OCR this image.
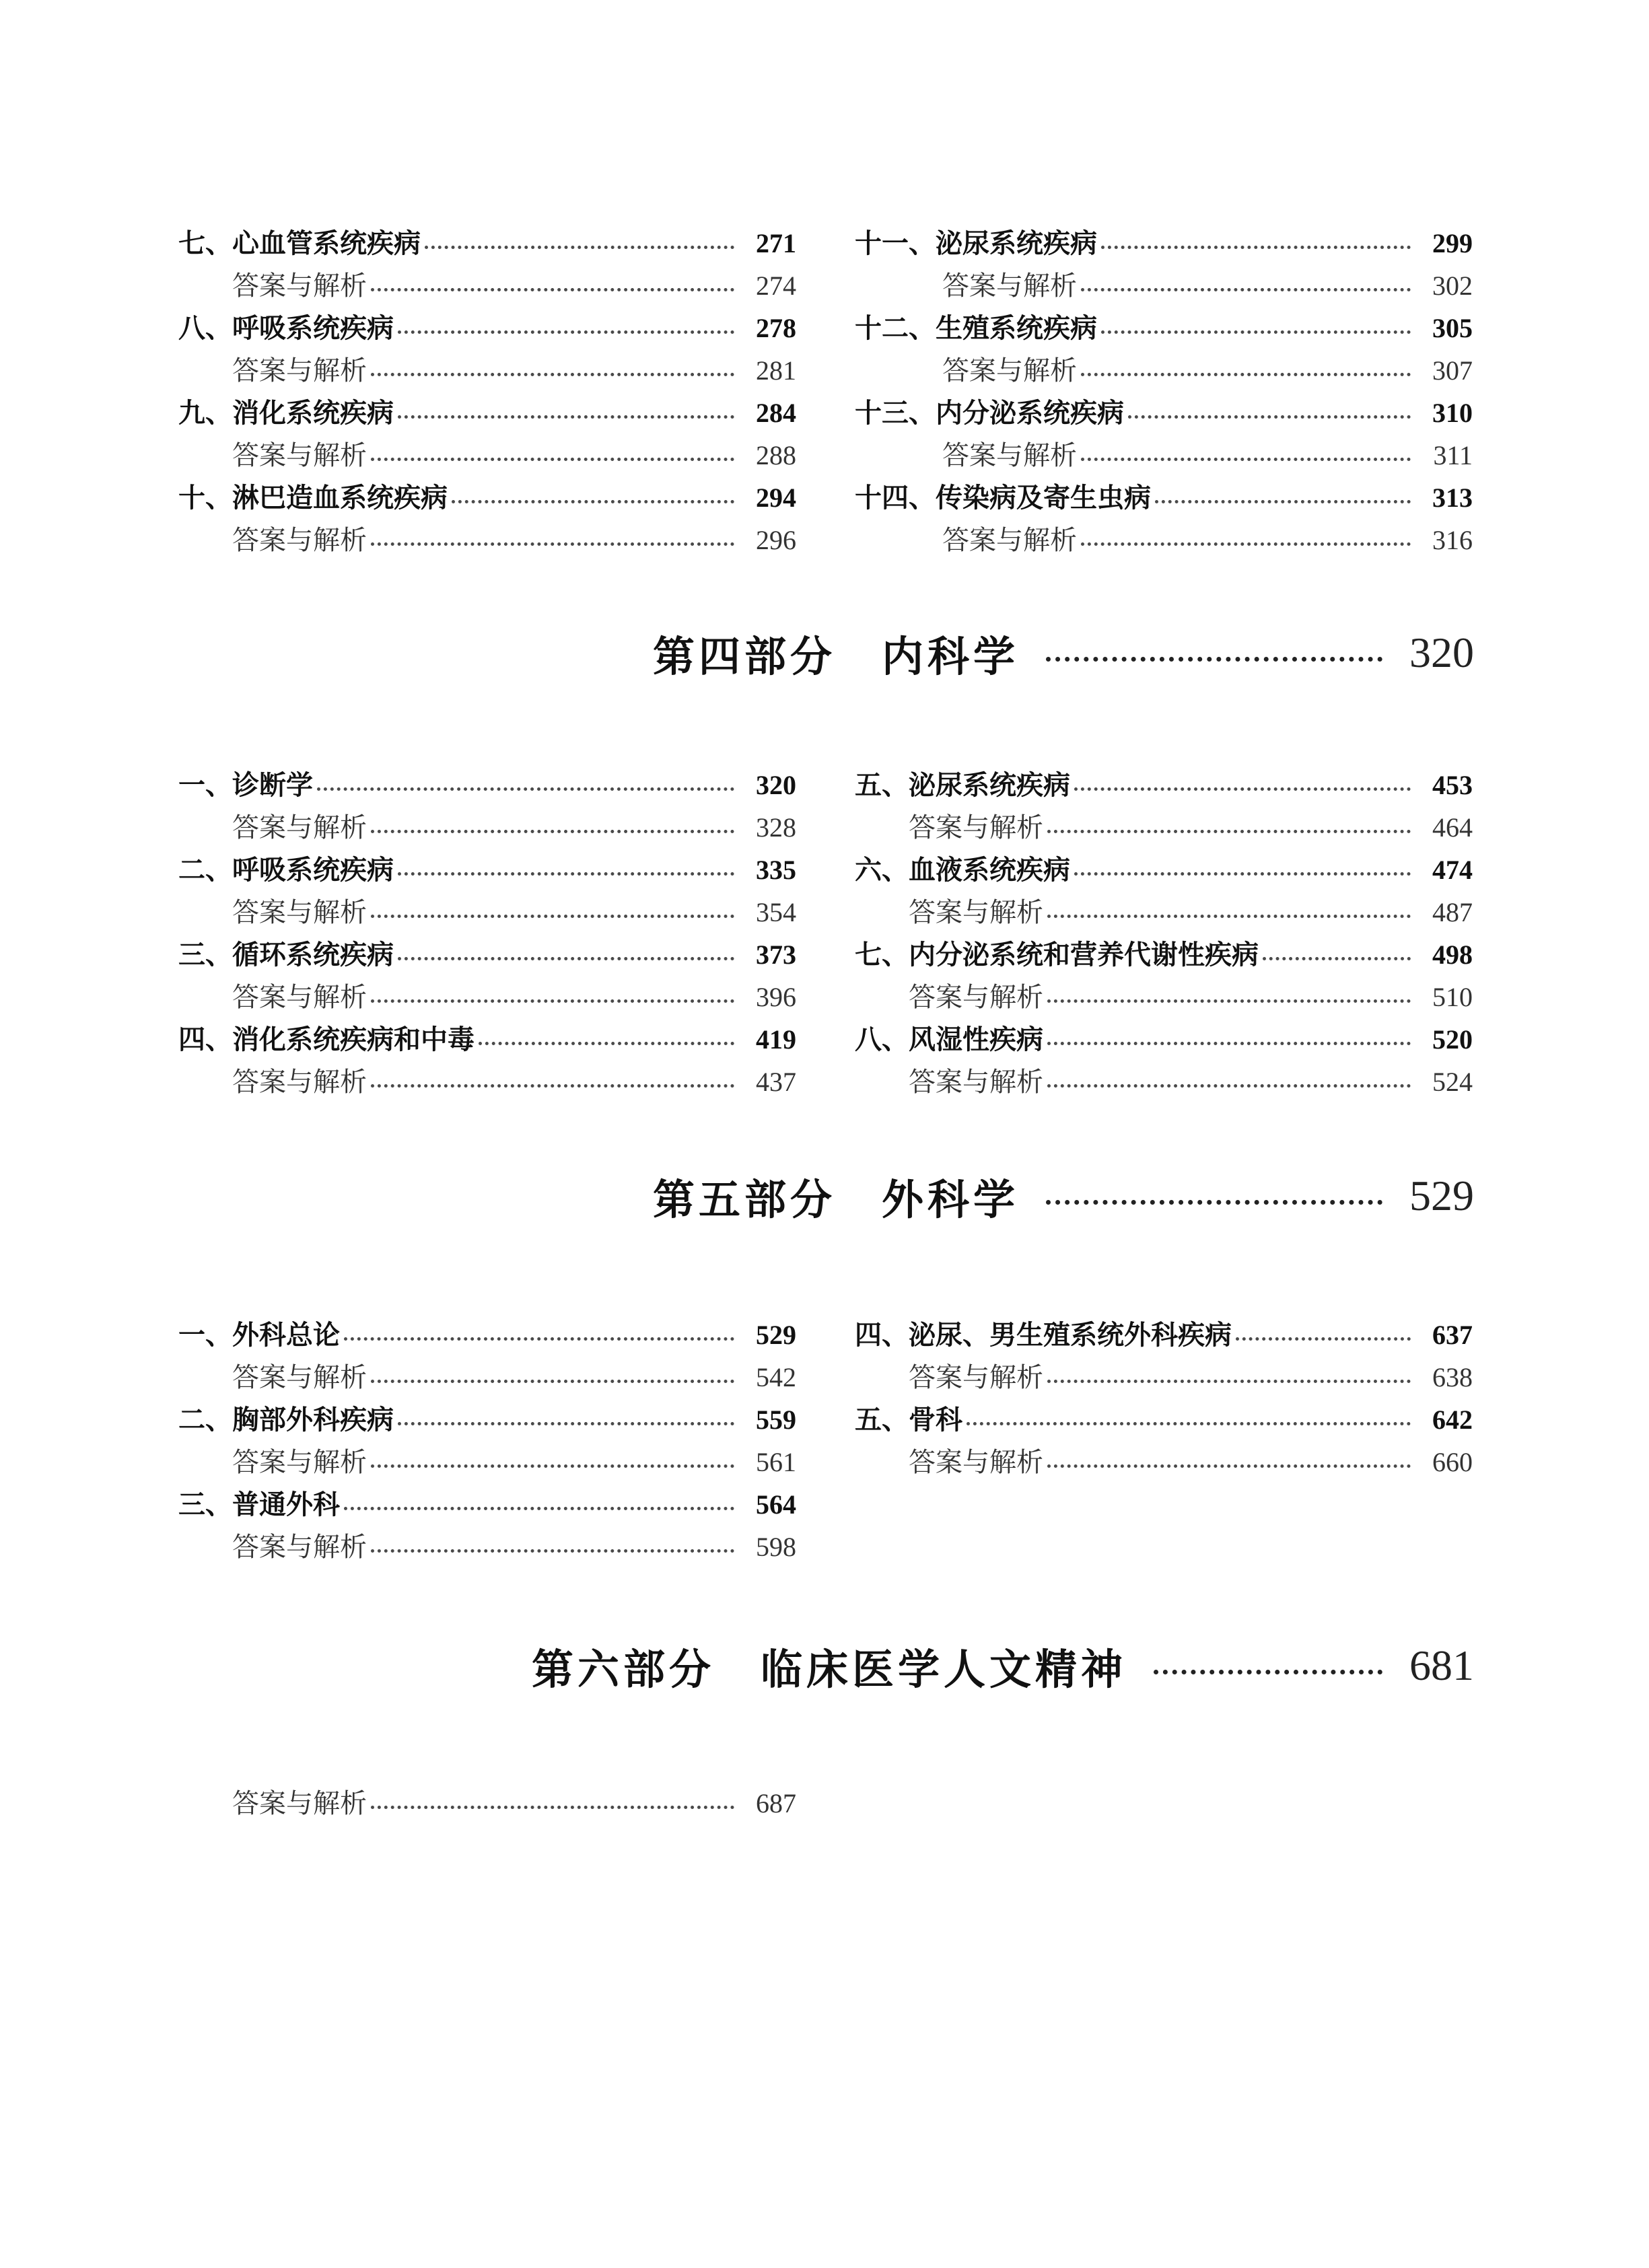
七、心血管系统疾病	271
答案与解析	274
八、呼吸系统疾病	278
答案与解析	281
九、消化系统疾病	284
答案与解析	288
十、淋巴造血系统疾病	294
答案与解析	296
十一、泌尿系统疾病	299
答案与解析	302
十二、生殖系统疾病	305
答案与解析	307
十三、内分泌系统疾病	310
答案与解析	311
十四、传染病及寄生虫病	313
答案与解析	316
第四部分　内科学	320
一、诊断学	320
答案与解析	328
二、呼吸系统疾病	335
答案与解析	354
三、循环系统疾病	373
答案与解析	396
四、消化系统疾病和中毒	419
答案与解析	437
五、泌尿系统疾病	453
答案与解析	464
六、血液系统疾病	474
答案与解析	487
七、内分泌系统和营养代谢性疾病	498
答案与解析	510
八、风湿性疾病	520
答案与解析	524
第五部分　外科学	529
一、外科总论	529
答案与解析	542
二、胸部外科疾病	559
答案与解析	561
三、普通外科	564
答案与解析	598
四、泌尿、男生殖系统外科疾病	637
答案与解析	638
五、骨科	642
答案与解析	660
第六部分　临床医学人文精神	681
答案与解析	687
